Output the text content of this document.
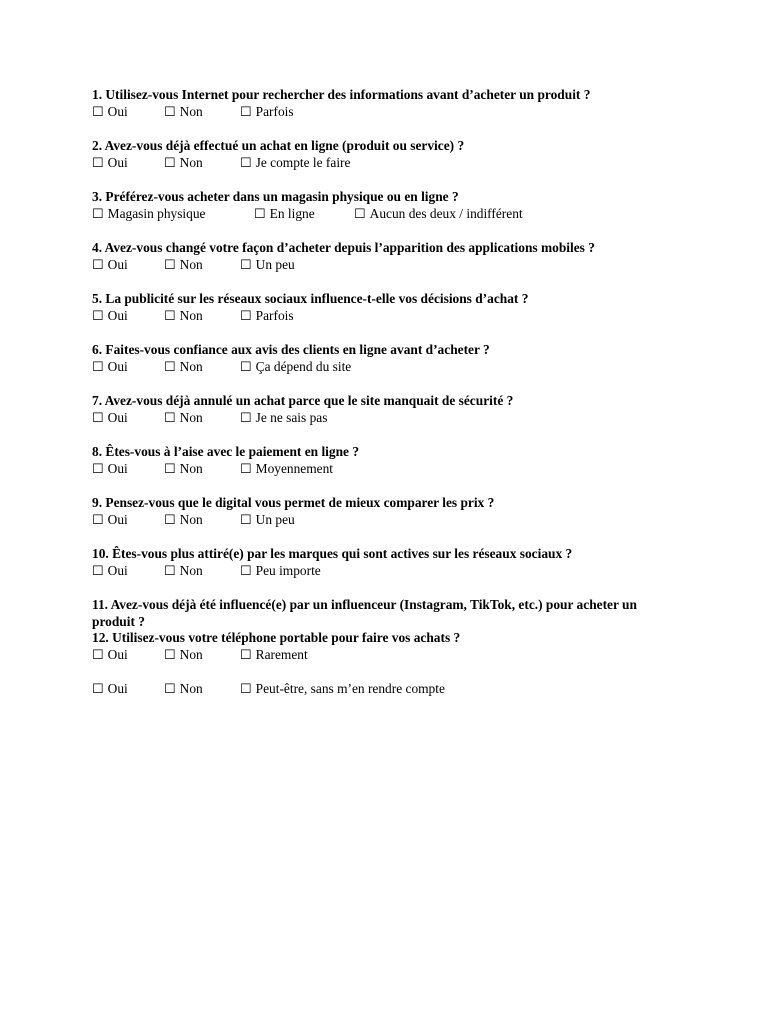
1. Utilisez-vous Internet pour rechercher des informations avant d’acheter un produit ?
☐ Oui	☐ Non	☐ Parfois
2. Avez-vous déjà effectué un achat en ligne (produit ou service) ?
☐ Oui	☐ Non	☐ Je compte le faire
3. Préférez-vous acheter dans un magasin physique ou en ligne ?
☐ Magasin physique	☐ En ligne	☐ Aucun des deux / indifférent
4. Avez-vous changé votre façon d’acheter depuis l’apparition des applications mobiles ?
☐ Oui	☐ Non	☐ Un peu
5. La publicité sur les réseaux sociaux influence-t-elle vos décisions d’achat ?
☐ Oui	☐ Non	☐ Parfois
6. Faites-vous confiance aux avis des clients en ligne avant d’acheter ?
☐ Oui	☐ Non	☐ Ça dépend du site
7. Avez-vous déjà annulé un achat parce que le site manquait de sécurité ?
☐ Oui	☐ Non	☐ Je ne sais pas
8. Êtes-vous à l’aise avec le paiement en ligne ?
☐ Oui	☐ Non	☐ Moyennement
9. Pensez-vous que le digital vous permet de mieux comparer les prix ?
☐ Oui	☐ Non	☐ Un peu
10. Êtes-vous plus attiré(e) par les marques qui sont actives sur les réseaux sociaux ?
☐ Oui	☐ Non	☐ Peu importe
11. Avez-vous déjà été influencé(e) par un influenceur (Instagram, TikTok, etc.) pour acheter un produit ?
12. Utilisez-vous votre téléphone portable pour faire vos achats ?
☐ Oui	☐ Non	☐ Rarement
☐ Oui	☐ Non	☐ Peut-être, sans m’en rendre compte
